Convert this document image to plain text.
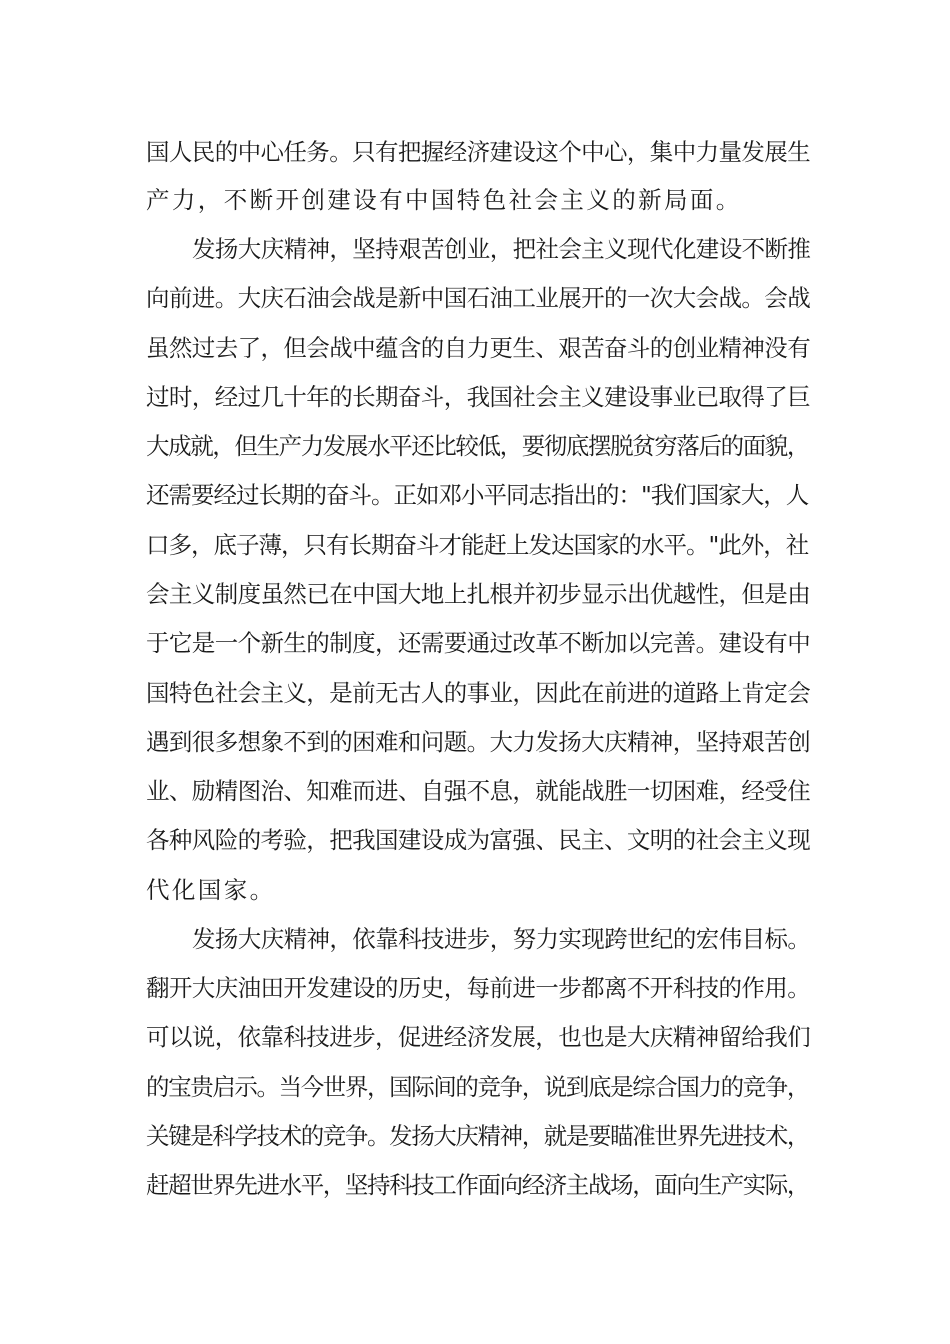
国人民的中心任务。只有把握经济建设这个中心，集中力量发展生
产力，不断开创建设有中国特色社会主义的新局面。
发扬大庆精神，坚持艰苦创业，把社会主义现代化建设不断推
向前进。大庆石油会战是新中国石油工业展开的一次大会战。会战
虽然过去了，但会战中蕴含的自力更生、艰苦奋斗的创业精神没有
过时，经过几十年的长期奋斗，我国社会主义建设事业已取得了巨
大成就，但生产力发展水平还比较低，要彻底摆脱贫穷落后的面貌，
还需要经过长期的奋斗。正如邓小平同志指出的："我们国家大，人
口多，底子薄，只有长期奋斗才能赶上发达国家的水平。"此外，社
会主义制度虽然已在中国大地上扎根并初步显示出优越性，但是由
于它是一个新生的制度，还需要通过改革不断加以完善。建设有中
国特色社会主义，是前无古人的事业，因此在前进的道路上肯定会
遇到很多想象不到的困难和问题。大力发扬大庆精神，坚持艰苦创
业、励精图治、知难而进、自强不息，就能战胜一切困难，经受住
各种风险的考验，把我国建设成为富强、民主、文明的社会主义现
代化国家。
发扬大庆精神，依靠科技进步，努力实现跨世纪的宏伟目标。
翻开大庆油田开发建设的历史，每前进一步都离不开科技的作用。
可以说，依靠科技进步，促进经济发展，也也是大庆精神留给我们
的宝贵启示。当今世界，国际间的竞争，说到底是综合国力的竞争，
关键是科学技术的竞争。发扬大庆精神，就是要瞄准世界先进技术，
赶超世界先进水平，坚持科技工作面向经济主战场，面向生产实际，
